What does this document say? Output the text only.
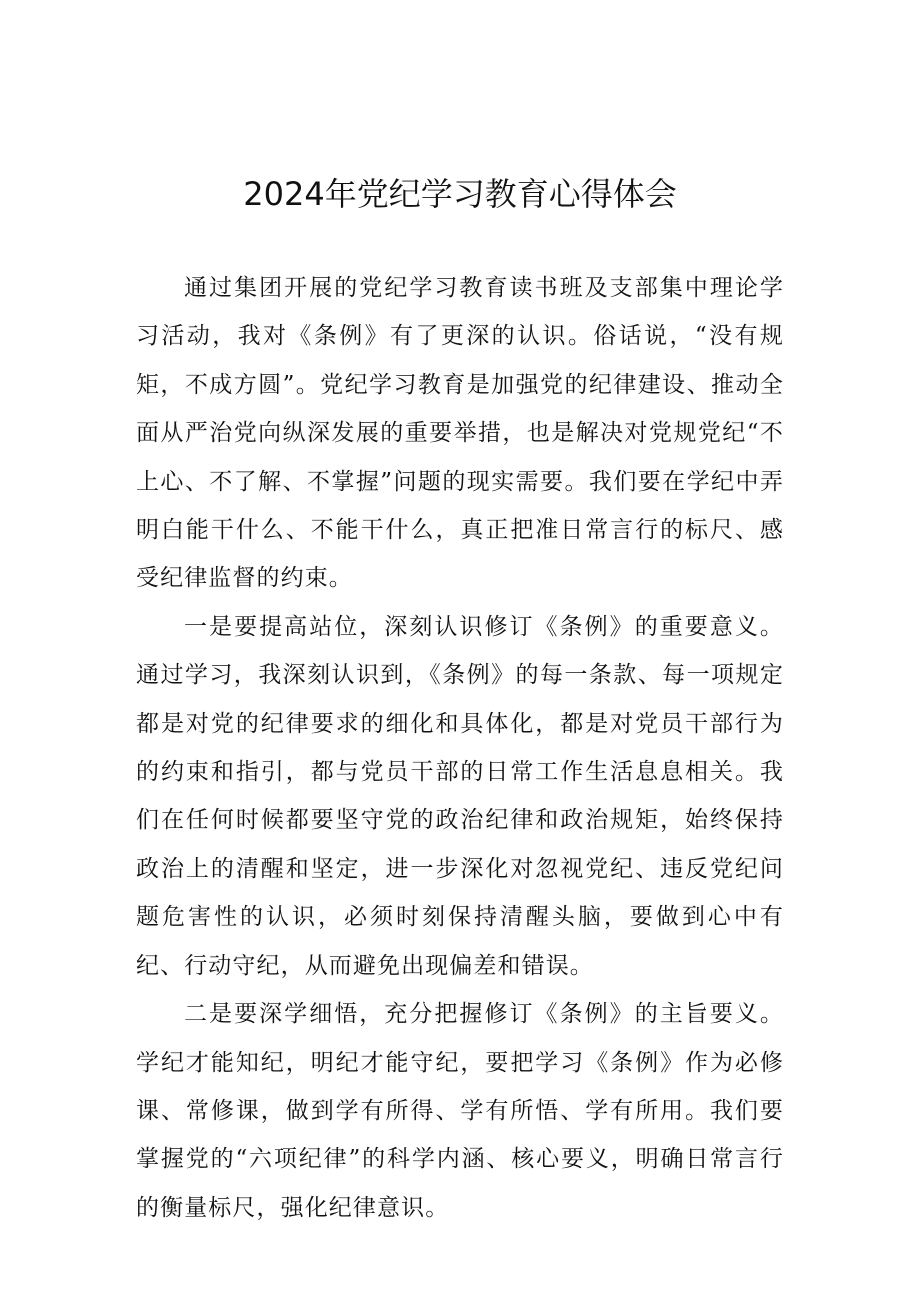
2024年党纪学习教育心得体会

通过集团开展的党纪学习教育读书班及支部集中理论学习活动，我对《条例》有了更深的认识。俗话说，“没有规矩，不成方圆”。党纪学习教育是加强党的纪律建设、推动全面从严治党向纵深发展的重要举措，也是解决对党规党纪“不上心、不了解、不掌握”问题的现实需要。我们要在学纪中弄明白能干什么、不能干什么，真正把准日常言行的标尺、感受纪律监督的约束。

一是要提高站位，深刻认识修订《条例》的重要意义。通过学习，我深刻认识到，《条例》的每一条款、每一项规定都是对党的纪律要求的细化和具体化，都是对党员干部行为的约束和指引，都与党员干部的日常工作生活息息相关。我们在任何时候都要坚守党的政治纪律和政治规矩，始终保持政治上的清醒和坚定，进一步深化对忽视党纪、违反党纪问题危害性的认识，必须时刻保持清醒头脑，要做到心中有纪、行动守纪，从而避免出现偏差和错误。

二是要深学细悟，充分把握修订《条例》的主旨要义。学纪才能知纪，明纪才能守纪，要把学习《条例》作为必修课、常修课，做到学有所得、学有所悟、学有所用。我们要掌握党的“六项纪律”的科学内涵、核心要义，明确日常言行的衡量标尺，强化纪律意识。
